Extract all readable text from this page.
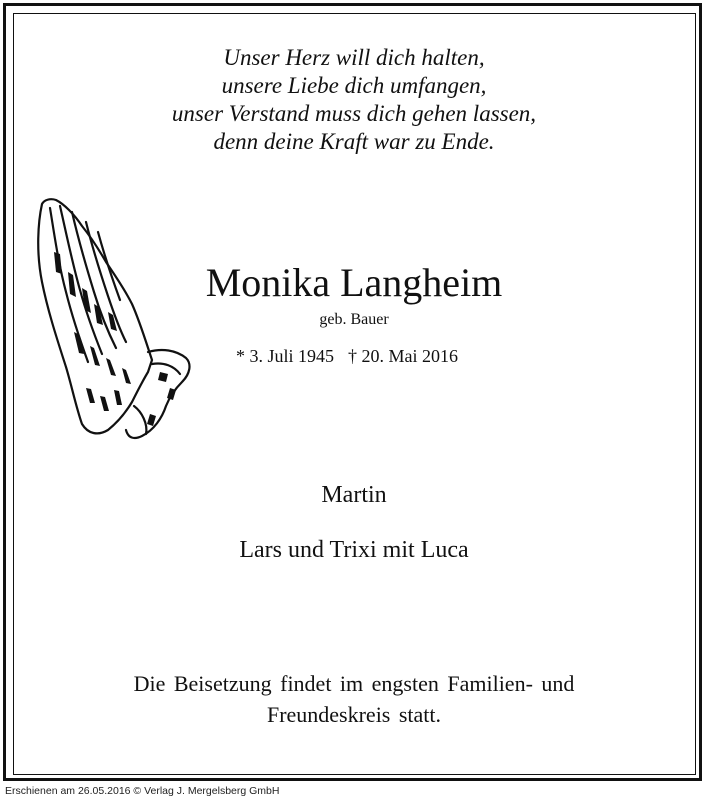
Unser Herz will dich halten,
unsere Liebe dich umfangen,
unser Verstand muss dich gehen lassen,
denn deine Kraft war zu Ende.
Monika Langheim
geb. Bauer
* 3. Juli 1945 † 20. Mai 2016
Martin
Lars und Trixi mit Luca
Die Beisetzung findet im engsten Familien- und
Freundeskreis statt.
Erschienen am 26.05.2016 © Verlag J. Mergelsberg GmbH
